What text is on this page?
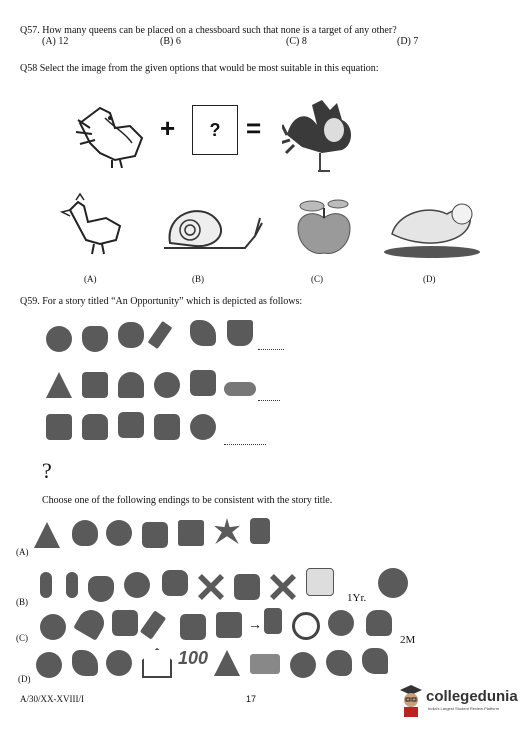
Q57. How many queens can be placed on a chessboard such that none is a target of any other?
(A) 12	(B) 6	(C) 8	(D) 7
Q58 Select the image from the given options that would be most suitable in this equation:
+	? =
(A)	(B)	(C)	(D)
Q59. For a story titled “An Opportunity” which is depicted as follows:
?
Choose one of the following endings to be consistent with the story title.
(A)
(B)	1Yr.
(C)
→
2M
(D)
100
A/30/XX-XVIII/I	17	collegedunia
India's Largest Student Review Platform
